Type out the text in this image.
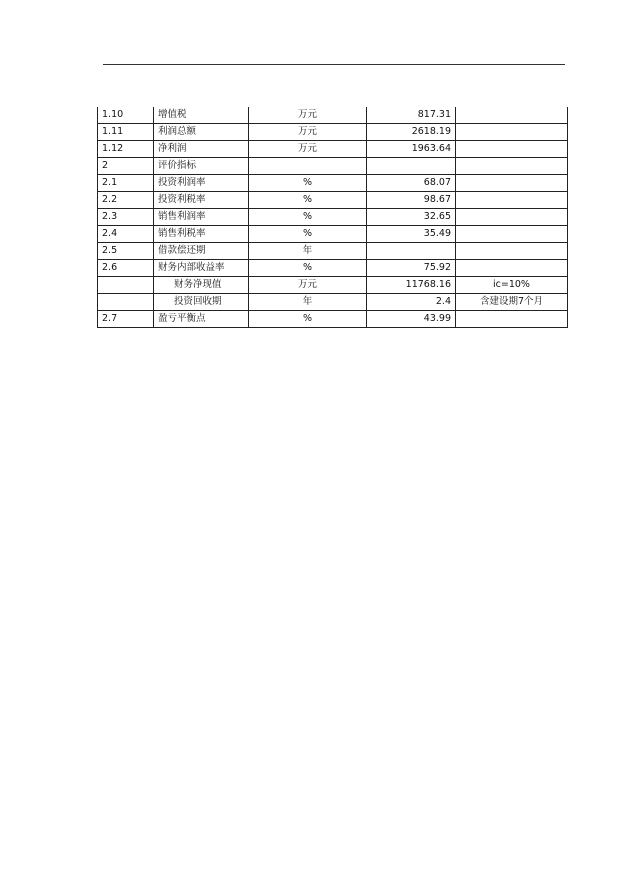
1.10	增值税	万元	817.31	
1.11	利润总额	万元	2618.19	
1.12	净利润	万元	1963.64	
2	评价指标			
2.1	投资利润率	%	68.07	
2.2	投资利税率	%	98.67	
2.3	销售利润率	%	32.65	
2.4	销售利税率	%	35.49	
2.5	借款偿还期	年		
2.6	财务内部收益率	%	75.92	
	财务净现值	万元	11768.16	ic=10%
	投资回收期	年	2.4	含建设期7个月
2.7	盈亏平衡点	%	43.99	
